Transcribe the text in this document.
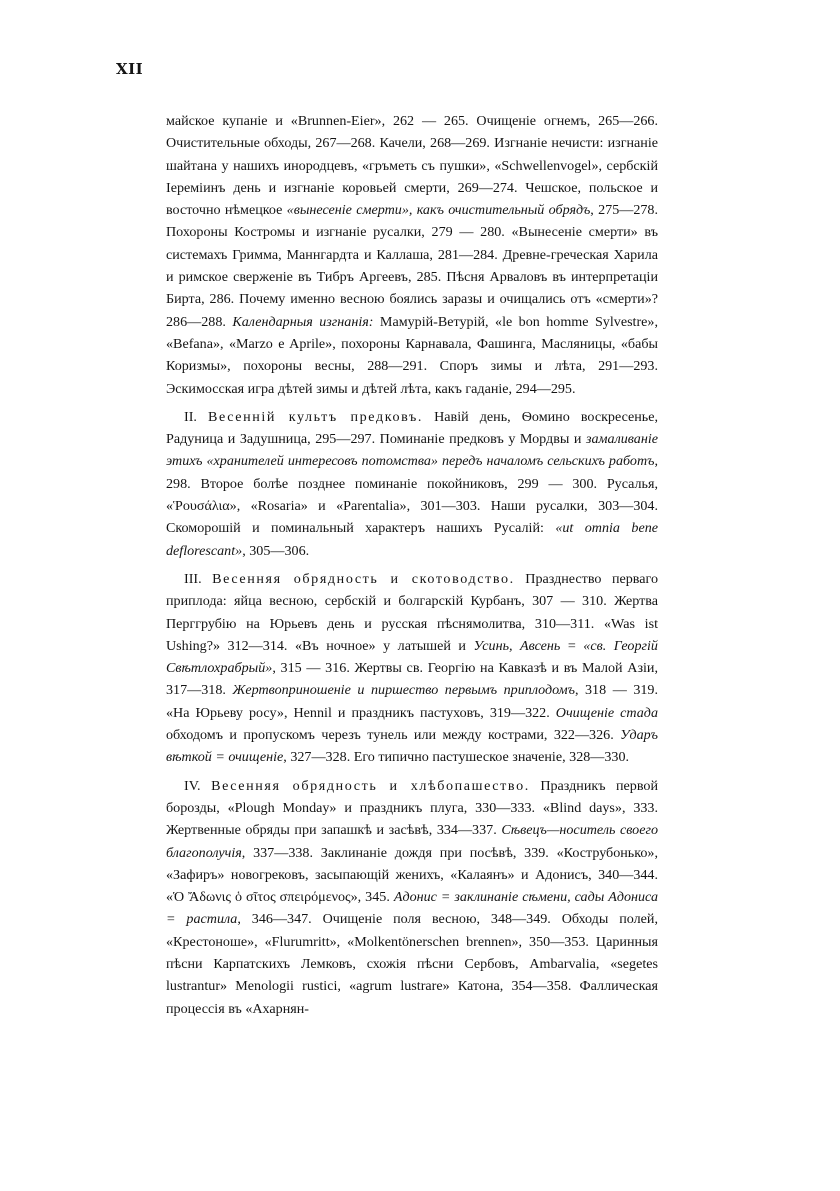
XII

майское купаніе и «Brunnen-Eier», 262 — 265. Очищеніе огнемъ, 265—266. Очистительные обходы, 267—268. Качели, 268—269. Изгнаніе нечисти: изгнаніе шайтана у нашихъ инородцевъ, «гръметь съ пушки», «Schwellenvogel», сербскій Іереміинъ день и изгнаніе коровьей смерти, 269—274. Чешское, польское и восточно нѣмецкое «вынесеніе смерти», какъ очистительный обрядъ, 275—278. Похороны Костромы и изгнаніе русалки, 279 — 280. «Вынесеніе смерти» въ системахъ Гримма, Маннгардта и Каллаша, 281—284. Древне-греческая Харила и римское свержeніе въ Тибръ Аргеевъ, 285. Пѣсня Арваловъ въ интерпретаціи Бирта, 286. Почему именно весною боялись заразы и очищались отъ «смерти»? 286—288. Календарныя изгнанія: Мамурій-Ветурій, «le bon homme Sylvestre», «Befana», «Marzo e Aprile», похороны Карнавала, Фашинга, Масляницы, «бабы Коризмы», похороны весны, 288—291. Споръ зимы и лѣта, 291—293. Эскимосская игра дѣтей зимы и дѣтей лѣта, какъ гаданіе, 294—295.

II. Весенній культъ предковъ. Навій день, Ѳомино воскресенье, Радуница и Задушница, 295—297. Поминаніе предковъ у Мордвы и замаливаніе этихъ «хранителей интересовъ потомства» передъ началомъ сельскихъ работъ, 298. Второе болѣе позднее поминаніе покойниковъ, 299 — 300. Русалья, «Ῥουσάλια», «Rosaria» и «Parentalia», 301—303. Наши русалки, 303—304. Скоморошій и поминальный характеръ нашихъ Русалій: «ut omnia bene defloresсant», 305—306.

III. Весенняя обрядность и скотоводство. Празднество перваго приплода: яйца весною, сербскій и болгарскій Курбанъ, 307 — 310. Жертва Перггрубію на Юрьевъ день и русская пѣснямолитва, 310—311. «Was ist Ushing?» 312—314. «Въ ночное» у латышей и Усинь, Авсень = «св. Георгій Свѣтлохрабрый», 315 — 316. Жертвы св. Георгію на Кавказѣ и въ Малой Азіи, 317—318. Жертвоприношеніе и пиршество первымъ приплодомъ, 318 — 319. «На Юрьеву росу», Hennil и праздникъ пастуховъ, 319—322. Очищеніе стада обходомъ и пропускомъ черезъ тунель или между кострами, 322—326. Ударъ вѣткой = очищеніе, 327—328. Его типично пастушеское значеніе, 328—330.

IV. Весенняя обрядность и хлѣбопашество. Праздникъ первой борозды, «Plough Monday» и праздникъ плуга, 330—333. «Blind days», 333. Жертвенные обряды при запашкѣ и засѣвѣ, 334—337. Сѣвецъ—носитель своего благополучія, 337—338. Заклинаніе дождя при посѣвѣ, 339. «Кострубонько», «Зафиръ» новогрековъ, засыпающій женихъ, «Калаянъ» и Адонисъ, 340—344. «Ὁ Ἄδωνις ὁ σῖτος σπειρόμενος», 345. Адонис = заклинаніе сѣмени, сады Адониса = растила, 346—347. Очищеніе поля весною, 348—349. Обходы полей, «Крестоноше», «Flurumritt», «Molkentönerschen brennen», 350—353. Царинныя пѣсни Карпатскихъ Лемковъ, схожія пѣсни Сербовъ, Ambarvalia, «segetes lustrantur» Menologii rustici, «agrum lustrare» Катона, 354—358. Фаллическая процессія въ «Ахарнян-
